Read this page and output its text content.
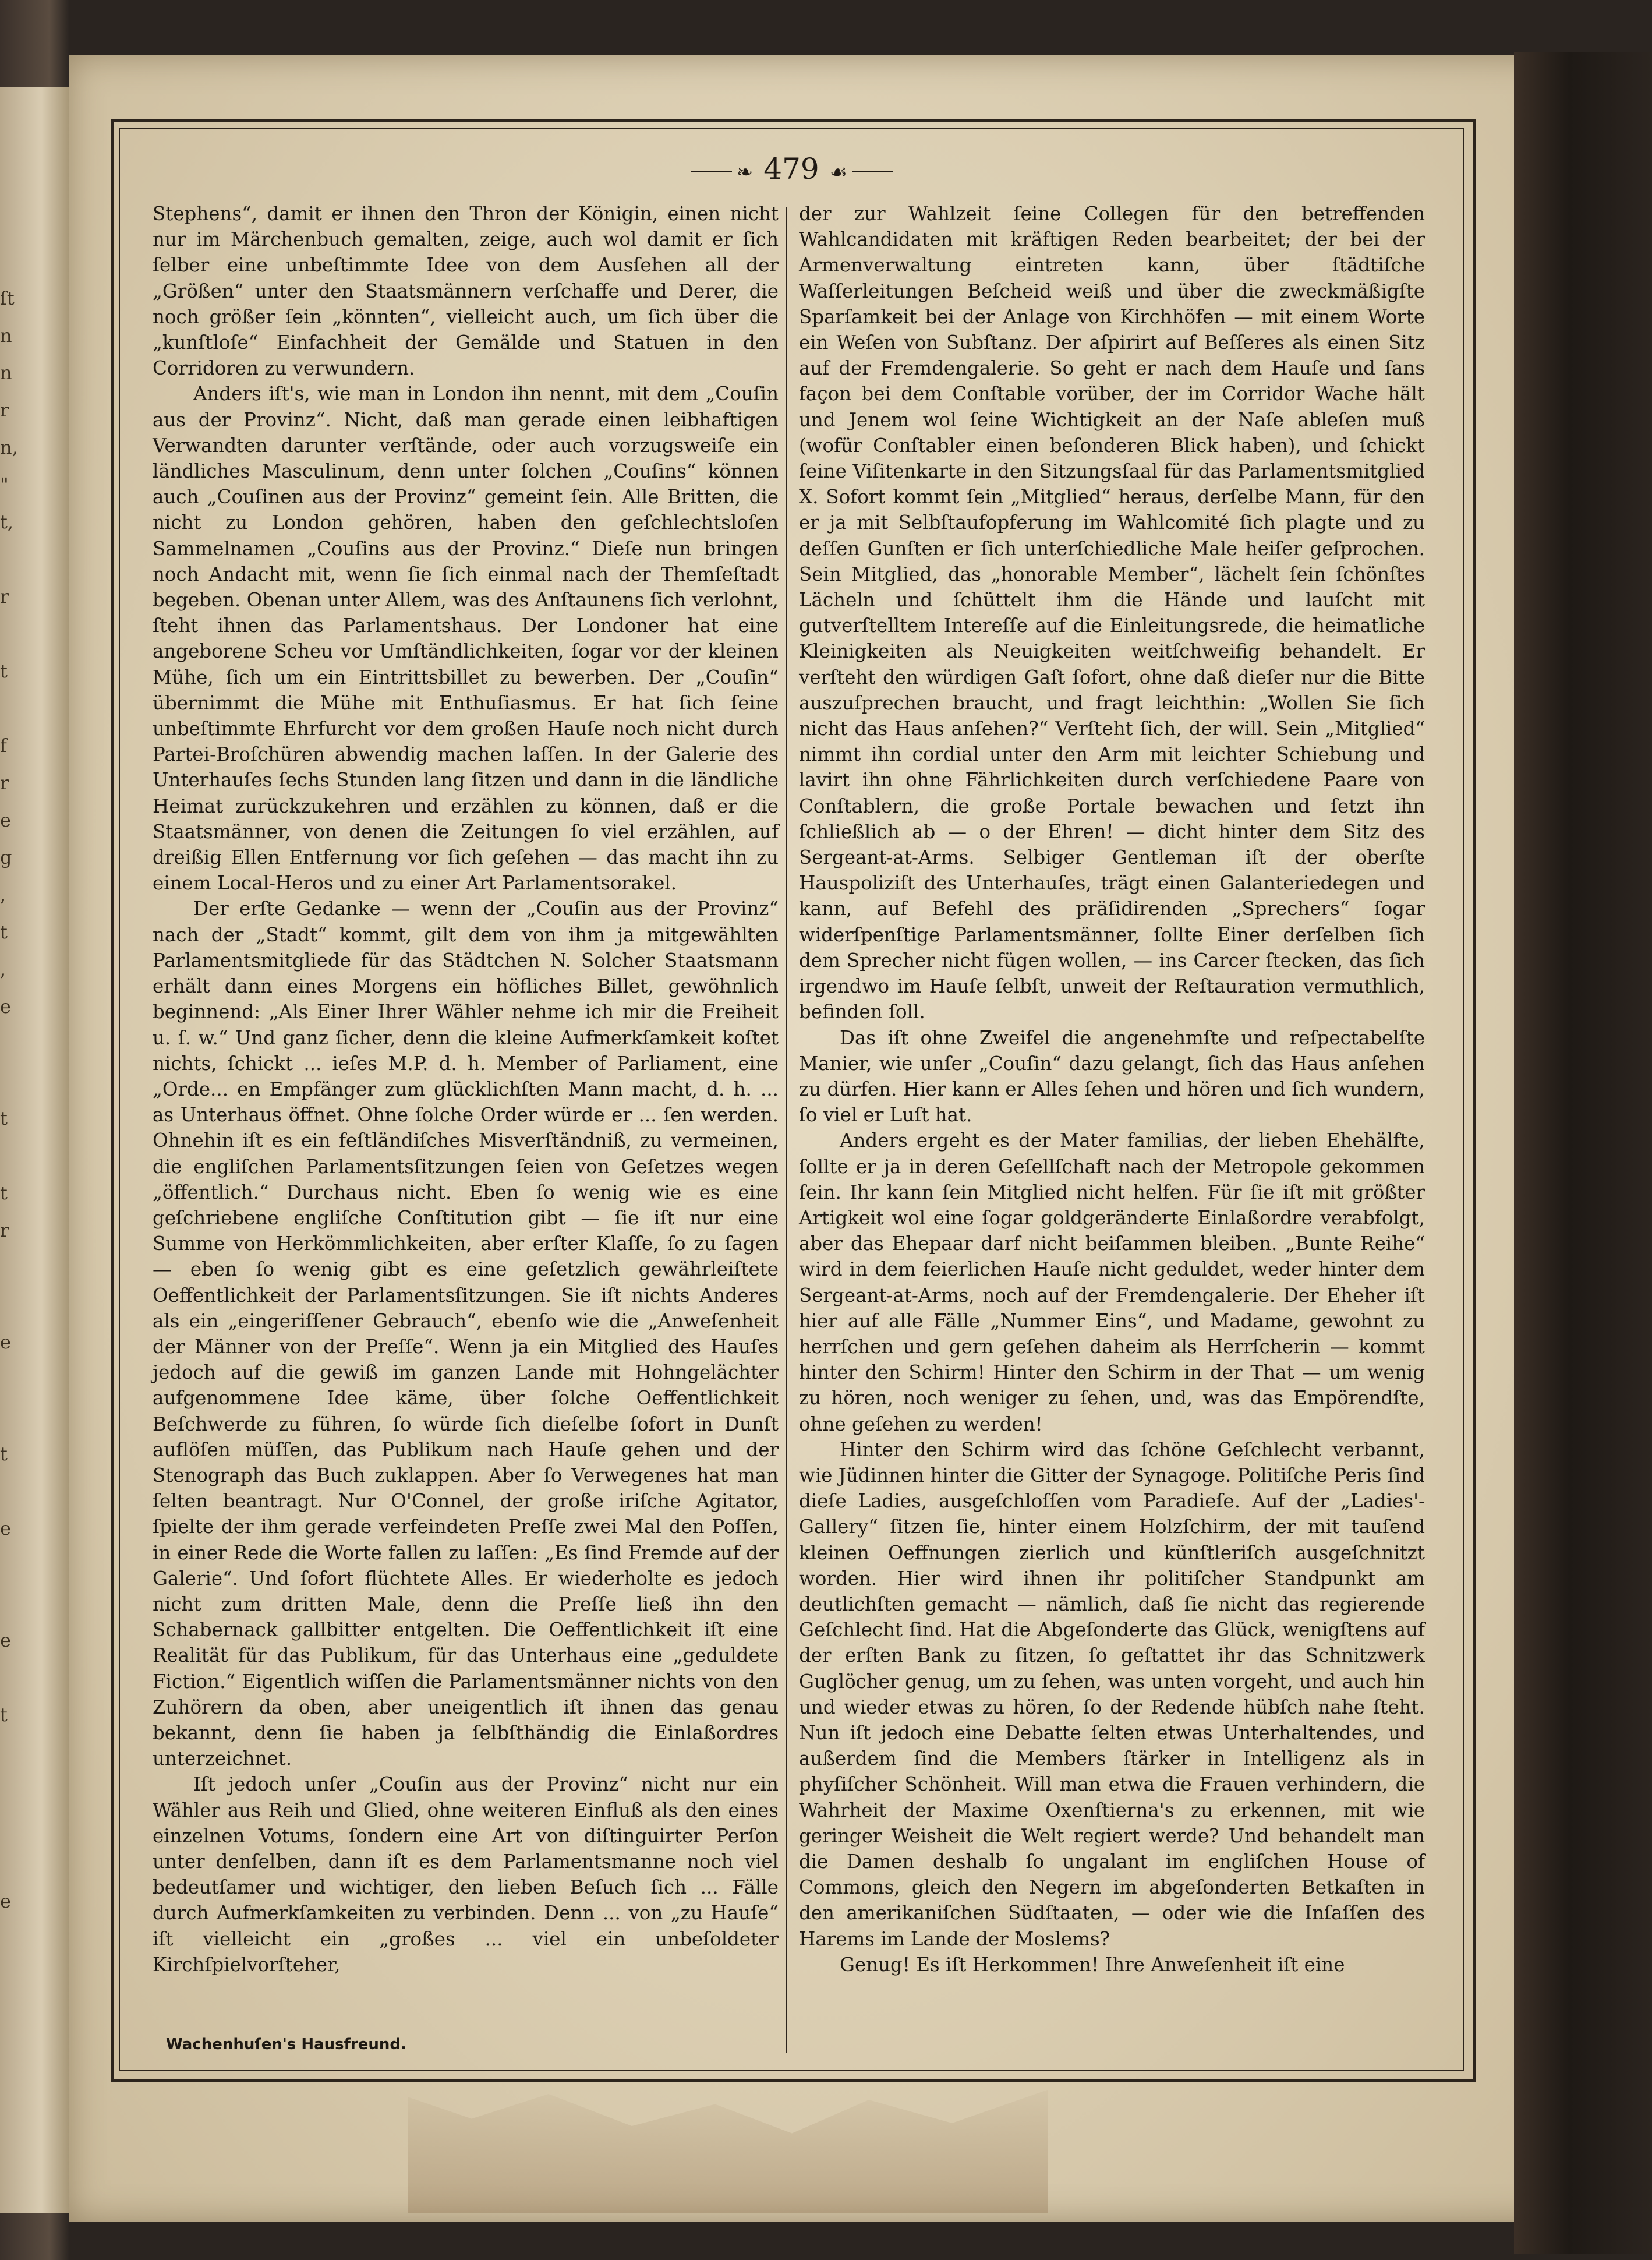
ſt
n
n
r
n,
"
t,

r

t

f
r
e
g
,
t
,
e

t

t
r

e

t

e

e

t

e
❧ 479 ☙

Stephens“, damit er ihnen den Thron der Königin, einen nicht nur im Märchenbuch gemalten, zeige, auch wol damit er ſich ſelber eine unbeſtimmte Idee von dem Ausſehen all der „Größen“ unter den Staatsmännern verſchaffe und Derer, die noch größer ſein „könnten“, vielleicht auch, um ſich über die „kunſtloſe“ Einfachheit der Gemälde und Statuen in den Corridoren zu verwundern.

Anders iſt's, wie man in London ihn nennt, mit dem „Couſin aus der Provinz“. Nicht, daß man gerade einen leibhaftigen Verwandten darunter verſtände, oder auch vorzugsweiſe ein ländliches Masculinum, denn unter ſolchen „Couſins“ können auch „Couſinen aus der Provinz“ gemeint ſein. Alle Britten, die nicht zu London gehören, haben den geſchlechtsloſen Sammelnamen „Couſins aus der Provinz.“ Dieſe nun bringen noch Andacht mit, wenn ſie ſich einmal nach der Themſeſtadt begeben. Obenan unter Allem, was des Anſtaunens ſich verlohnt, ſteht ihnen das Parlamentshaus. Der Londoner hat eine angeborene Scheu vor Umſtändlichkeiten, ſogar vor der kleinen Mühe, ſich um ein Eintrittsbillet zu bewerben. Der „Couſin“ übernimmt die Mühe mit Enthuſiasmus. Er hat ſich ſeine unbeſtimmte Ehrfurcht vor dem großen Hauſe noch nicht durch Partei-Broſchüren abwendig machen laſſen. In der Galerie des Unterhauſes ſechs Stunden lang ſitzen und dann in die ländliche Heimat zurückzukehren und erzählen zu können, daß er die Staatsmänner, von denen die Zeitungen ſo viel erzählen, auf dreißig Ellen Entfernung vor ſich geſehen — das macht ihn zu einem Local-Heros und zu einer Art Parlamentsorakel.

Der erſte Gedanke — wenn der „Couſin aus der Provinz“ nach der „Stadt“ kommt, gilt dem von ihm ja mitgewählten Parlamentsmitgliede für das Städtchen N. Solcher Staatsmann erhält dann eines Morgens ein höfliches Billet, gewöhnlich beginnend: „Als Einer Ihrer Wähler nehme ich mir die Freiheit u. ſ. w.“ Und ganz ſicher, denn die kleine Aufmerkſamkeit koſtet nichts, ſchickt ... ieſes M.P. d. h. Member of Parliament, eine „Orde... en Empfänger zum glücklichſten Mann macht, d. h. ... as Unterhaus öffnet. Ohne ſolche Order würde er ... ſen werden. Ohnehin iſt es ein feſtländiſches Misverſtändniß, zu vermeinen, die engliſchen Parlamentsſitzungen ſeien von Geſetzes wegen „öffentlich.“ Durchaus nicht. Eben ſo wenig wie es eine geſchriebene engliſche Conſtitution gibt — ſie iſt nur eine Summe von Herkömmlichkeiten, aber erſter Klaſſe, ſo zu ſagen — eben ſo wenig gibt es eine geſetzlich gewährleiſtete Oeffentlichkeit der Parlamentsſitzungen. Sie iſt nichts Anderes als ein „eingeriſſener Gebrauch“, ebenſo wie die „Anweſenheit der Männer von der Preſſe“. Wenn ja ein Mitglied des Hauſes jedoch auf die gewiß im ganzen Lande mit Hohngelächter aufgenommene Idee käme, über ſolche Oeffentlichkeit Beſchwerde zu führen, ſo würde ſich dieſelbe ſofort in Dunſt auflöſen müſſen, das Publikum nach Hauſe gehen und der Stenograph das Buch zuklappen. Aber ſo Verwegenes hat man ſelten beantragt. Nur O'Connel, der große iriſche Agitator, ſpielte der ihm gerade verfeindeten Preſſe zwei Mal den Poſſen, in einer Rede die Worte fallen zu laſſen: „Es ſind Fremde auf der Galerie“. Und ſofort flüchtete Alles. Er wiederholte es jedoch nicht zum dritten Male, denn die Preſſe ließ ihn den Schabernack gallbitter entgelten. Die Oeffentlichkeit iſt eine Realität für das Publikum, für das Unterhaus eine „geduldete Fiction.“ Eigentlich wiſſen die Parlamentsmänner nichts von den Zuhörern da oben, aber uneigentlich iſt ihnen das genau bekannt, denn ſie haben ja ſelbſthändig die Einlaßordres unterzeichnet.

Iſt jedoch unſer „Couſin aus der Provinz“ nicht nur ein Wähler aus Reih und Glied, ohne weiteren Einfluß als den eines einzelnen Votums, ſondern eine Art von diſtinguirter Perſon unter denſelben, dann iſt es dem Parlamentsmanne noch viel bedeutſamer und wichtiger, den lieben Beſuch ſich ... Fälle durch Aufmerkſamkeiten zu verbinden. Denn ... von „zu Hauſe“ iſt vielleicht ein „großes ... viel ein unbeſoldeter Kirchſpielvorſteher,

der zur Wahlzeit ſeine Collegen für den betreffenden Wahlcandidaten mit kräftigen Reden bearbeitet; der bei der Armenverwaltung eintreten kann, über ſtädtiſche Waſſerleitungen Beſcheid weiß und über die zweckmäßigſte Sparſamkeit bei der Anlage von Kirchhöfen — mit einem Worte ein Weſen von Subſtanz. Der aſpirirt auf Beſſeres als einen Sitz auf der Fremdengalerie. So geht er nach dem Hauſe und ſans façon bei dem Conſtable vorüber, der im Corridor Wache hält und Jenem wol ſeine Wichtigkeit an der Naſe ableſen muß (wofür Conſtabler einen beſonderen Blick haben), und ſchickt ſeine Viſitenkarte in den Sitzungsſaal für das Parlamentsmitglied X. Sofort kommt ſein „Mitglied“ heraus, derſelbe Mann, für den er ja mit Selbſtaufopferung im Wahlcomité ſich plagte und zu deſſen Gunſten er ſich unterſchiedliche Male heiſer geſprochen. Sein Mitglied, das „honorable Member“, lächelt ſein ſchönſtes Lächeln und ſchüttelt ihm die Hände und lauſcht mit gutverſtelltem Intereſſe auf die Einleitungsrede, die heimatliche Kleinigkeiten als Neuigkeiten weitſchweifig behandelt. Er verſteht den würdigen Gaſt ſofort, ohne daß dieſer nur die Bitte auszuſprechen braucht, und fragt leichthin: „Wollen Sie ſich nicht das Haus anſehen?“ Verſteht ſich, der will. Sein „Mitglied“ nimmt ihn cordial unter den Arm mit leichter Schiebung und lavirt ihn ohne Fährlichkeiten durch verſchiedene Paare von Conſtablern, die große Portale bewachen und ſetzt ihn ſchließlich ab — o der Ehren! — dicht hinter dem Sitz des Sergeant-at-Arms. Selbiger Gentleman iſt der oberſte Hauspoliziſt des Unterhauſes, trägt einen Galanteriedegen und kann, auf Befehl des präſidirenden „Sprechers“ ſogar widerſpenſtige Parlamentsmänner, ſollte Einer derſelben ſich dem Sprecher nicht fügen wollen, — ins Carcer ſtecken, das ſich irgendwo im Hauſe ſelbſt, unweit der Reſtauration vermuthlich, befinden ſoll.

Das iſt ohne Zweifel die angenehmſte und reſpectabelſte Manier, wie unſer „Couſin“ dazu gelangt, ſich das Haus anſehen zu dürfen. Hier kann er Alles ſehen und hören und ſich wundern, ſo viel er Luſt hat.

Anders ergeht es der Mater familias, der lieben Ehehälfte, ſollte er ja in deren Geſellſchaft nach der Metropole gekommen ſein. Ihr kann ſein Mitglied nicht helfen. Für ſie iſt mit größter Artigkeit wol eine ſogar goldgeränderte Einlaßordre verabfolgt, aber das Ehepaar darf nicht beiſammen bleiben. „Bunte Reihe“ wird in dem feierlichen Hauſe nicht geduldet, weder hinter dem Sergeant-at-Arms, noch auf der Fremdengalerie. Der Eheher iſt hier auf alle Fälle „Nummer Eins“, und Madame, gewohnt zu herrſchen und gern geſehen daheim als Herrſcherin — kommt hinter den Schirm! Hinter den Schirm in der That — um wenig zu hören, noch weniger zu ſehen, und, was das Empörendſte, ohne geſehen zu werden!

Hinter den Schirm wird das ſchöne Geſchlecht verbannt, wie Jüdinnen hinter die Gitter der Synagoge. Politiſche Peris ſind dieſe Ladies, ausgeſchloſſen vom Paradieſe. Auf der „Ladies'-Gallery“ ſitzen ſie, hinter einem Holzſchirm, der mit tauſend kleinen Oeffnungen zierlich und künſtleriſch ausgeſchnitzt worden. Hier wird ihnen ihr politiſcher Standpunkt am deutlichſten gemacht — nämlich, daß ſie nicht das regierende Geſchlecht ſind. Hat die Abgeſonderte das Glück, wenigſtens auf der erſten Bank zu ſitzen, ſo geſtattet ihr das Schnitzwerk Guglöcher genug, um zu ſehen, was unten vorgeht, und auch hin und wieder etwas zu hören, ſo der Redende hübſch nahe ſteht. Nun iſt jedoch eine Debatte ſelten etwas Unterhaltendes, und außerdem ſind die Members ſtärker in Intelligenz als in phyſiſcher Schönheit. Will man etwa die Frauen verhindern, die Wahrheit der Maxime Oxenſtierna's zu erkennen, mit wie geringer Weisheit die Welt regiert werde? Und behandelt man die Damen deshalb ſo ungalant im engliſchen House of Commons, gleich den Negern im abgeſonderten Betkaſten in den amerikaniſchen Südſtaaten, — oder wie die Inſaſſen des Harems im Lande der Moslems?

Genug! Es iſt Herkommen! Ihre Anweſenheit iſt eine

Wachenhuſen's Hausfreund.
